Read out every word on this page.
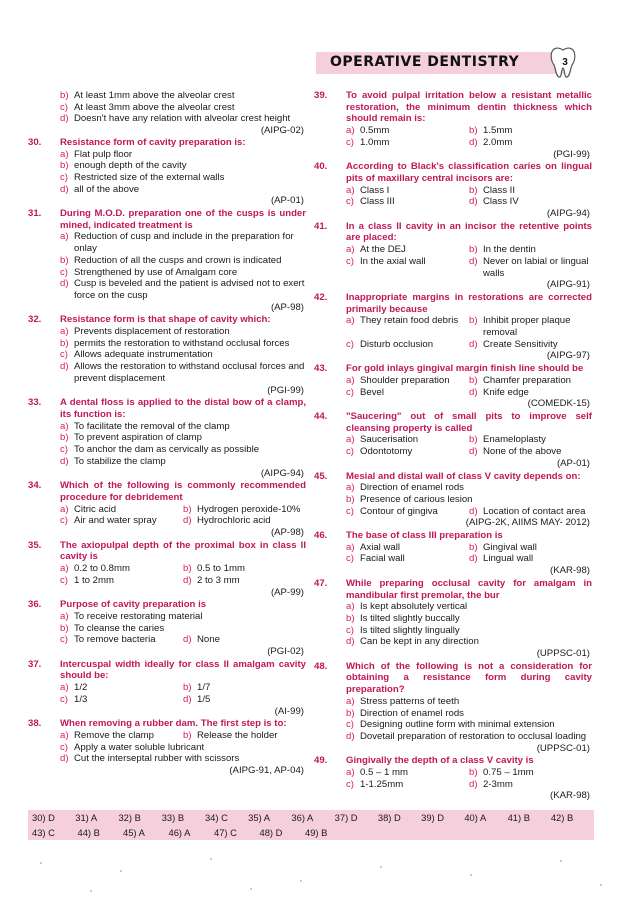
OPERATIVE DENTISTRY	3
b) At least 1mm above the alveolar crest
c) At least 3mm above the alveolar crest
d) Doesn't have any relation with alveolar crest height
(AIPG-02)
30.	Resistance form of cavity preparation is:
a) Flat pulp floor
b) enough depth of the cavity
c) Restricted size of the external walls
d) all of the above
(AP-01)
31.	During M.O.D. preparation one of the cusps is under mined, indicated treatment is
a) Reduction of cusp and include in the preparation for onlay
b) Reduction of all the cusps and crown is indicated
c) Strengthened by use of Amalgam core
d) Cusp is beveled and the patient is advised not to exert force on the cusp
(AP-98)
32.	Resistance form is that shape of cavity which:
a) Prevents displacement of restoration
b) permits the restoration to withstand occlusal forces
c) Allows adequate instrumentation
d) Allows the restoration to withstand occlusal forces and prevent displacement
(PGI-99)
33.	A dental floss is applied to the distal bow of a clamp, its function is:
a) To facilitate the removal of the clamp
b) To prevent aspiration of clamp
c) To anchor the dam as cervically as possible
d) To stabilize the clamp
(AIPG-94)
34.	Which of the following is commonly recommended procedure for debridement
a) Citric acid	b) Hydrogen peroxide-10%
c) Air and water spray	d) Hydrochloric acid
(AP-98)
35.	The axiopulpal depth of the proximal box in class II cavity is
a) 0.2 to 0.8mm	b) 0.5 to 1mm
c) 1 to 2mm	d) 2 to 3 mm
(AP-99)
36.	Purpose of cavity preparation is
a) To receive restorating material
b) To cleanse the caries
c) To remove bacteria	d) None
(PGI-02)
37.	Intercuspal width ideally for class II amalgam cavity should be:
a) 1/2	b) 1/7
c) 1/3	d) 1/5
(AI-99)
38.	When removing a rubber dam. The first step is to:
a) Remove the clamp	b) Release the holder
c) Apply a water soluble lubricant
d) Cut the interseptal rubber with scissors
(AIPG-91, AP-04)
39.	To avoid pulpal irritation below a resistant metallic restoration, the minimum dentin thickness which should remain is:
a) 0.5mm	b) 1.5mm
c) 1.0mm	d) 2.0mm
(PGI-99)
40.	According to Black's classification caries on lingual pits of maxillary central incisors are:
a) Class I	b) Class II
c) Class III	d) Class IV
(AIPG-94)
41.	In a class II cavity in an incisor the retentive points are placed:
a) At the DEJ	b) In the dentin
c) In the axial wall	d) Never on labial or lingual walls
(AIPG-91)
42.	Inappropriate margins in restorations are corrected primarily because
a) They retain food debris	b) Inhibit proper plaque removal
c) Disturb occlusion	d) Create Sensitivity
(AIPG-97)
43.	For gold inlays gingival margin finish line should be
a) Shoulder preparation	b) Chamfer preparation
c) Bevel	d) Knife edge
(COMEDK-15)
44.	"Saucering" out of small pits to improve self cleansing property is called
a) Saucerisation	b) Enameloplasty
c) Odontotomy	d) None of the above
(AP-01)
45.	Mesial and distal wall of class V cavity depends on:
a) Direction of enamel rods
b) Presence of carious lesion
c) Contour of gingiva	d) Location of contact area
(AIPG-2K, AIIMS MAY- 2012)
46.	The base of class III preparation is
a) Axial wall	b) Gingival wall
c) Facial wall	d) Lingual wall
(KAR-98)
47.	While preparing occlusal cavity for amalgam in mandibular first premolar, the bur
a) Is kept absolutely vertical
b) Is tilted slightly buccally
c) Is tilted slightly lingually
d) Can be kept in any direction
(UPPSC-01)
48.	Which of the following is not a consideration for obtaining a resistance form during cavity preparation?
a) Stress patterns of teeth
b) Direction of enamel rods
c) Designing outline form with minimal extension
d) Dovetail preparation of restoration to occlusal loading
(UPPSC-01)
49.	Gingivally the depth of a class V cavity is
a) 0.5 – 1 mm	b) 0.75 – 1mm
c) 1-1.25mm	d) 2-3mm
(KAR-98)
30) D	31) A	32) B	33) B	34) C	35) A	36) A	37) D	38) D	39) D	40) A	41) B	42) B
43) C	44) B	45) A	46) A	47) C	48) D	49) B
